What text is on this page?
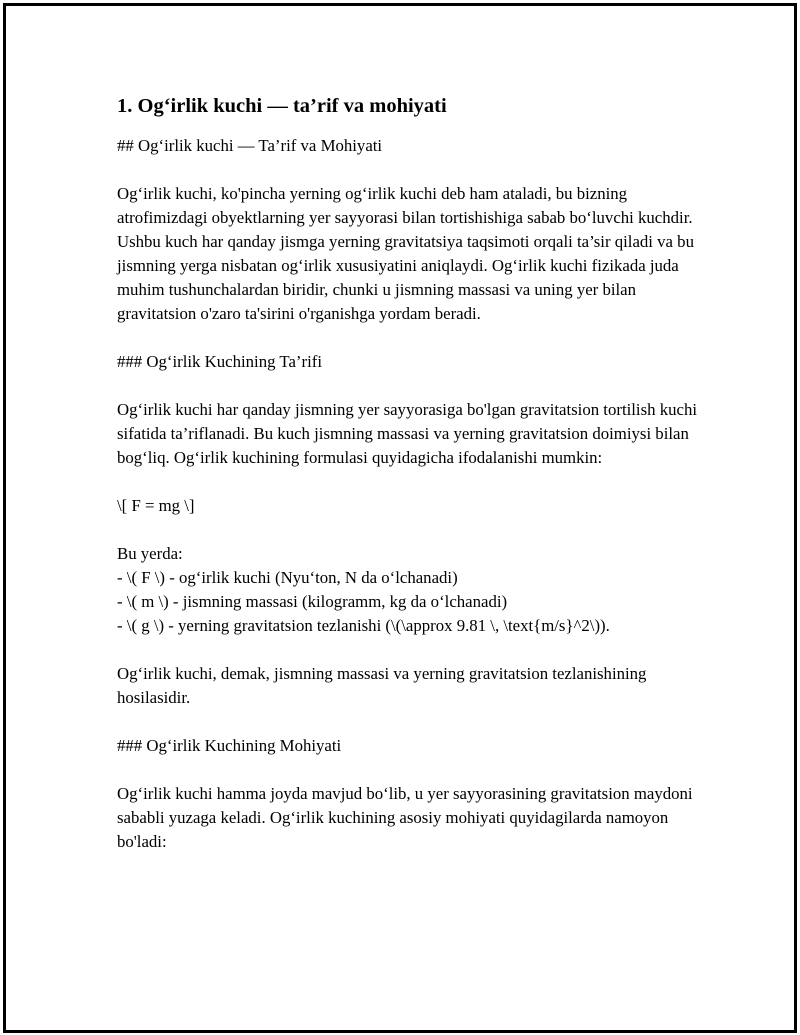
1. Og‘irlik kuchi — ta’rif va mohiyati

## Og‘irlik kuchi — Ta’rif va Mohiyati

Og‘irlik kuchi, ko'pincha yerning og‘irlik kuchi deb ham ataladi, bu bizning atrofimizdagi obyektlarning yer sayyorasi bilan tortishishiga sabab bo‘luvchi kuchdir. Ushbu kuch har qanday jismga yerning gravitatsiya taqsimoti orqali ta’sir qiladi va bu jismning yerga nisbatan og‘irlik xususiyatini aniqlaydi. Og‘irlik kuchi fizikada juda muhim tushunchalardan biridir, chunki u jismning massasi va uning yer bilan gravitatsion o'zaro ta'sirini o'rganishga yordam beradi.

### Og‘irlik Kuchining Ta’rifi

Og‘irlik kuchi har qanday jismning yer sayyorasiga bo'lgan gravitatsion tortilish kuchi sifatida ta’riflanadi. Bu kuch jismning massasi va yerning gravitatsion doimiysi bilan bog‘liq. Og‘irlik kuchining formulasi quyidagicha ifodalanishi mumkin:

\[ F = mg \]

Bu yerda:

- \( F \) - og‘irlik kuchi (Nyu‘ton, N da o‘lchanadi)

- \( m \) - jismning massasi (kilogramm, kg da o‘lchanadi)

- \( g \) - yerning gravitatsion tezlanishi (\(\approx 9.81 \, \text{m/s}^2\)).

Og‘irlik kuchi, demak, jismning massasi va yerning gravitatsion tezlanishining hosilasidir.

### Og‘irlik Kuchining Mohiyati

Og‘irlik kuchi hamma joyda mavjud bo‘lib, u yer sayyorasining gravitatsion maydoni sababli yuzaga keladi. Og‘irlik kuchining asosiy mohiyati quyidagilarda namoyon bo'ladi:
